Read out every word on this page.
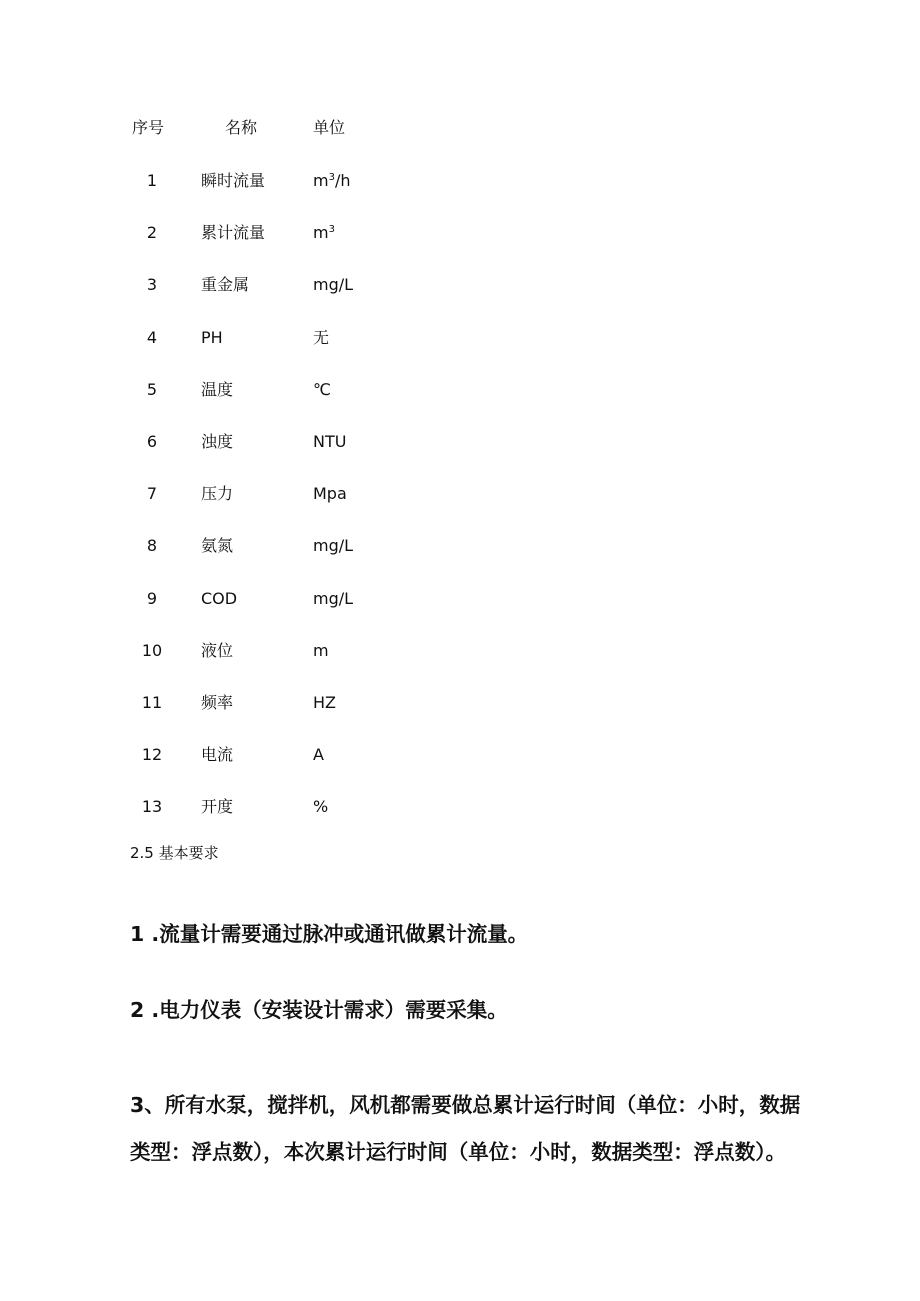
序号	名称	单位
1	瞬时流量	$m^3/h$
2	累计流量	$m^3$
3	重金属	mg/L
4	PH	无
5	温度	℃
6	浊度	NTU
7	压力	Mpa
8	氨氮	mg/L
9	COD	mg/L
10	液位	m
11	频率	HZ
12	电流	A
13	开度	%
2.5 基本要求
1 .流量计需要通过脉冲或通讯做累计流量。
2 .电力仪表（安装设计需求）需要采集。
3、所有水泵，搅拌机，风机都需要做总累计运行时间（单位：小时，数据类型：浮点数），本次累计运行时间（单位：小时，数据类型：浮点数）。
